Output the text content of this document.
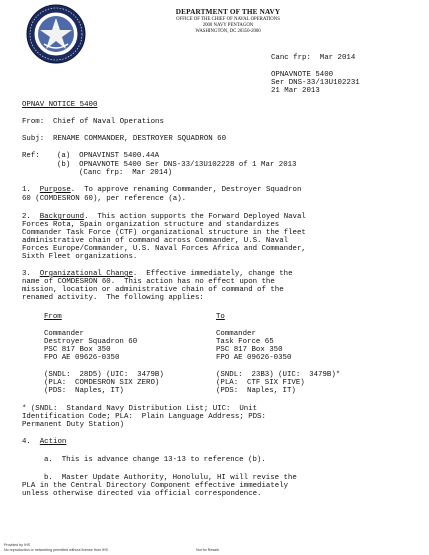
DEPARTMENT OF THE NAVY
OFFICE OF THE CHIEF OF NAVAL OPERATIONS
2000 NAVY PENTAGON
WASHINGTON, DC 20350-2000
Canc frp:  Mar 2014
OPNAVNOTE 5400
Ser DNS-33/13U102231
21 Mar 2013
OPNAV NOTICE 5400
From:  Chief of Naval Operations
Subj:  RENAME COMMANDER, DESTROYER SQUADRON 60
Ref: (a)  OPNAVINST 5400.44A
(b)  OPNAVNOTE 5400 Ser DNS-33/13U102228 of 1 Mar 2013
(Canc frp:  Mar 2014)
1.  Purpose.  To approve renaming Commander, Destroyer Squadron
60 (COMDESRON 60), per reference (a).
2.  Background.  This action supports the Forward Deployed Naval
Forces Rota, Spain organization structure and standardizes
Commander Task Force (CTF) organizational structure in the fleet
administrative chain of command across Commander, U.S. Naval
Forces Europe/Commander, U.S. Naval Forces Africa and Commander,
Sixth Fleet organizations.
3.  Organizational Change.  Effective immediately, change the
name of COMDESRON 60.  This action has no effect upon the
mission, location or administrative chain of command of the
renamed activity.  The following applies:
From	To
Commander
Destroyer Squadron 60
PSC 817 Box 350
FPO AE 09626-0350
Commander
Task Force 65
PSC 817 Box 350
FPO AE 09626-0350
(SNDL:  28D5) (UIC:  3479B)
(PLA:  COMDESRON SIX ZERO)
(PDS:  Naples, IT)
(SNDL:  23B3) (UIC:  3479B)*
(PLA:  CTF SIX FIVE)
(PDS:  Naples, IT)
* (SNDL:  Standard Navy Distribution List; UIC:  Unit
Identification Code; PLA:  Plain Language Address; PDS:
Permanent Duty Station)
4.  Action
a.  This is advance change 13-13 to reference (b).
b.  Master Update Authority, Honolulu, HI will revise the
PLA in the Central Directory Component effective immediately
unless otherwise directed via official correspondence.
Provided by IHS
No reproduction or networking permitted without license from IHS	Not for Resale
